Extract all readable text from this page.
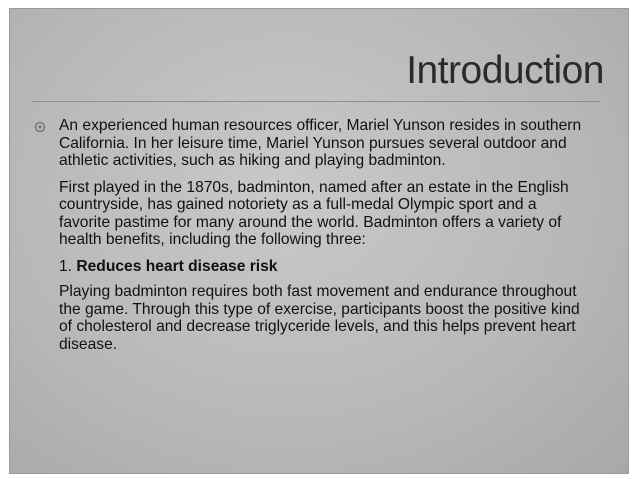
Introduction

An experienced human resources officer, Mariel Yunson resides in southern California. In her leisure time, Mariel Yunson pursues several outdoor and athletic activities, such as hiking and playing badminton.

First played in the 1870s, badminton, named after an estate in the English countryside, has gained notoriety as a full-medal Olympic sport and a favorite pastime for many around the world. Badminton offers a variety of health benefits, including the following three:

1. Reduces heart disease risk

Playing badminton requires both fast movement and endurance throughout the game. Through this type of exercise, participants boost the positive kind of cholesterol and decrease triglyceride levels, and this helps prevent heart disease.
